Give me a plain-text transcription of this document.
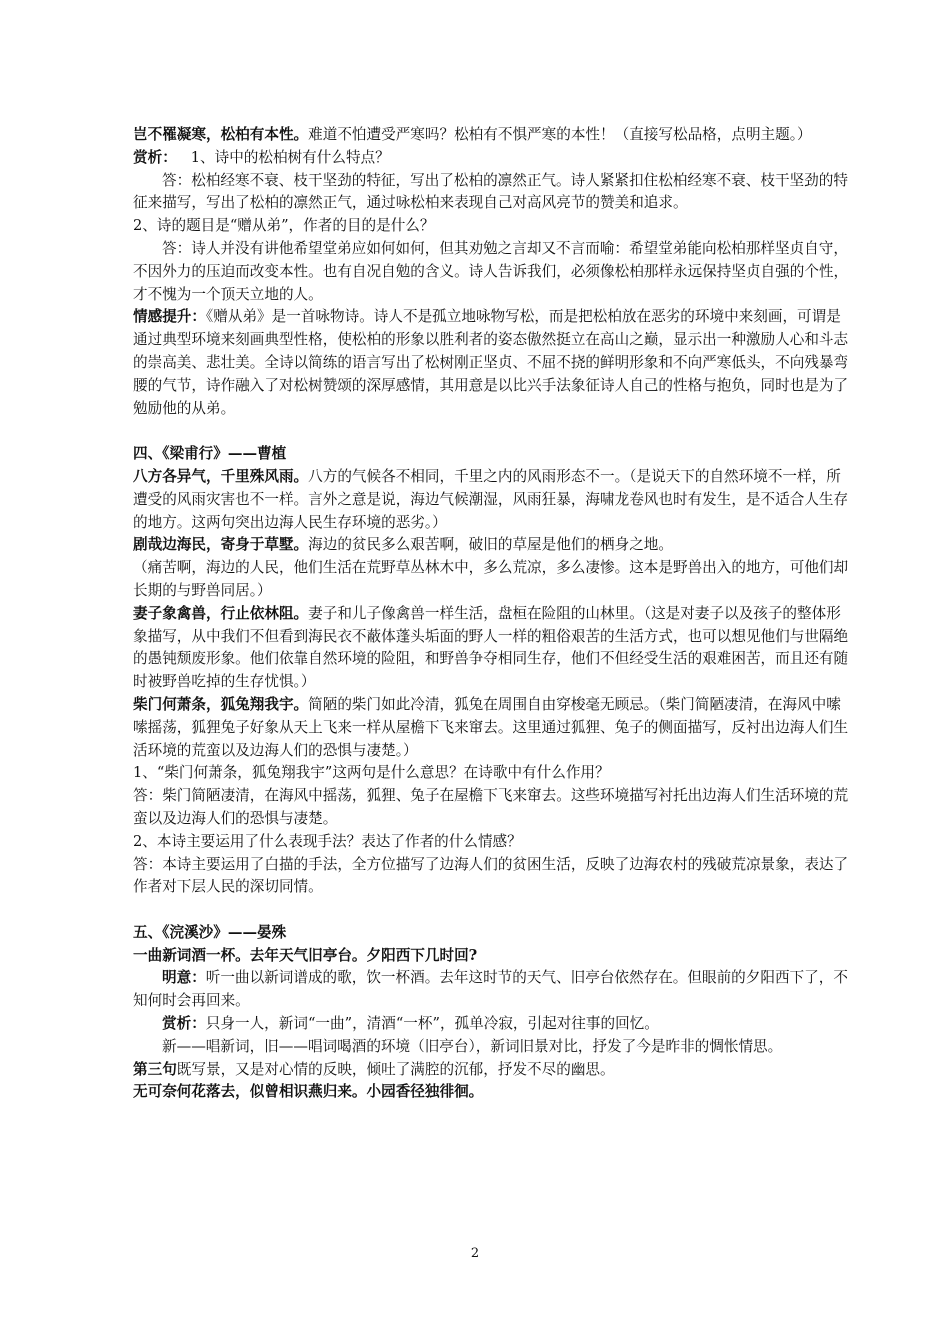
岂不罹凝寒，松柏有本性。难道不怕遭受严寒吗？松柏有不惧严寒的本性！（直接写松品格，点明主题。）

赏析： 1、诗中的松柏树有什么特点？

答：松柏经寒不衰、枝干坚劲的特征，写出了松柏的凛然正气。诗人紧紧扣住松柏经寒不衰、枝干坚劲的特征来描写，写出了松柏的凛然正气，通过咏松柏来表现自己对高风亮节的赞美和追求。

2、诗的题目是“赠从弟”，作者的目的是什么？

答：诗人并没有讲他希望堂弟应如何如何，但其劝勉之言却又不言而喻：希望堂弟能向松柏那样坚贞自守，不因外力的压迫而改变本性。也有自况自勉的含义。诗人告诉我们，必须像松柏那样永远保持坚贞自强的个性，才不愧为一个顶天立地的人。

情感提升：《赠从弟》是一首咏物诗。诗人不是孤立地咏物写松，而是把松柏放在恶劣的环境中来刻画，可谓是通过典型环境来刻画典型性格，使松柏的形象以胜利者的姿态傲然挺立在高山之巅，显示出一种激励人心和斗志的崇高美、悲壮美。全诗以简练的语言写出了松树刚正坚贞、不屈不挠的鲜明形象和不向严寒低头，不向残暴弯腰的气节，诗作融入了对松树赞颂的深厚感情，其用意是以比兴手法象征诗人自己的性格与抱负，同时也是为了勉励他的从弟。

四、《梁甫行》——曹植

八方各异气，千里殊风雨。八方的气候各不相同，千里之内的风雨形态不一。（是说天下的自然环境不一样，所遭受的风雨灾害也不一样。言外之意是说，海边气候潮湿，风雨狂暴，海啸龙卷风也时有发生，是不适合人生存的地方。这两句突出边海人民生存环境的恶劣。）

剧哉边海民，寄身于草墅。海边的贫民多么艰苦啊，破旧的草屋是他们的栖身之地。

（痛苦啊，海边的人民，他们生活在荒野草丛林木中，多么荒凉，多么凄惨。这本是野兽出入的地方，可他们却长期的与野兽同居。）

妻子象禽兽，行止依林阻。妻子和儿子像禽兽一样生活，盘桓在险阻的山林里。（这是对妻子以及孩子的整体形象描写，从中我们不但看到海民衣不蔽体蓬头垢面的野人一样的粗俗艰苦的生活方式，也可以想见他们与世隔绝的愚钝颓废形象。他们依靠自然环境的险阻，和野兽争夺相同生存，他们不但经受生活的艰难困苦，而且还有随时被野兽吃掉的生存忧惧。）

柴门何萧条，狐兔翔我宇。简陋的柴门如此冷清，狐兔在周围自由穿梭毫无顾忌。（柴门简陋凄清，在海风中嗦嗦摇荡，狐狸兔子好象从天上飞来一样从屋檐下飞来窜去。这里通过狐狸、兔子的侧面描写，反衬出边海人们生活环境的荒蛮以及边海人们的恐惧与凄楚。）

1、“柴门何萧条，狐兔翔我宇”这两句是什么意思？在诗歌中有什么作用？

答：柴门简陋凄清，在海风中摇荡，狐狸、兔子在屋檐下飞来窜去。这些环境描写衬托出边海人们生活环境的荒蛮以及边海人们的恐惧与凄楚。

2、本诗主要运用了什么表现手法？表达了作者的什么情感？

答：本诗主要运用了白描的手法，全方位描写了边海人们的贫困生活，反映了边海农村的残破荒凉景象，表达了作者对下层人民的深切同情。

五、《浣溪沙》——晏殊

一曲新词酒一杯。去年天气旧亭台。夕阳西下几时回?

明意：听一曲以新词谱成的歌，饮一杯酒。去年这时节的天气、旧亭台依然存在。但眼前的夕阳西下了，不知何时会再回来。

赏析：只身一人，新词“一曲”，清酒“一杯”，孤单冷寂，引起对往事的回忆。

新——唱新词，旧——唱词喝酒的环境（旧亭台），新词旧景对比，抒发了今是昨非的惆怅情思。

第三句既写景，又是对心情的反映，倾吐了满腔的沉郁，抒发不尽的幽思。

无可奈何花落去，似曾相识燕归来。小园香径独徘徊。

2
